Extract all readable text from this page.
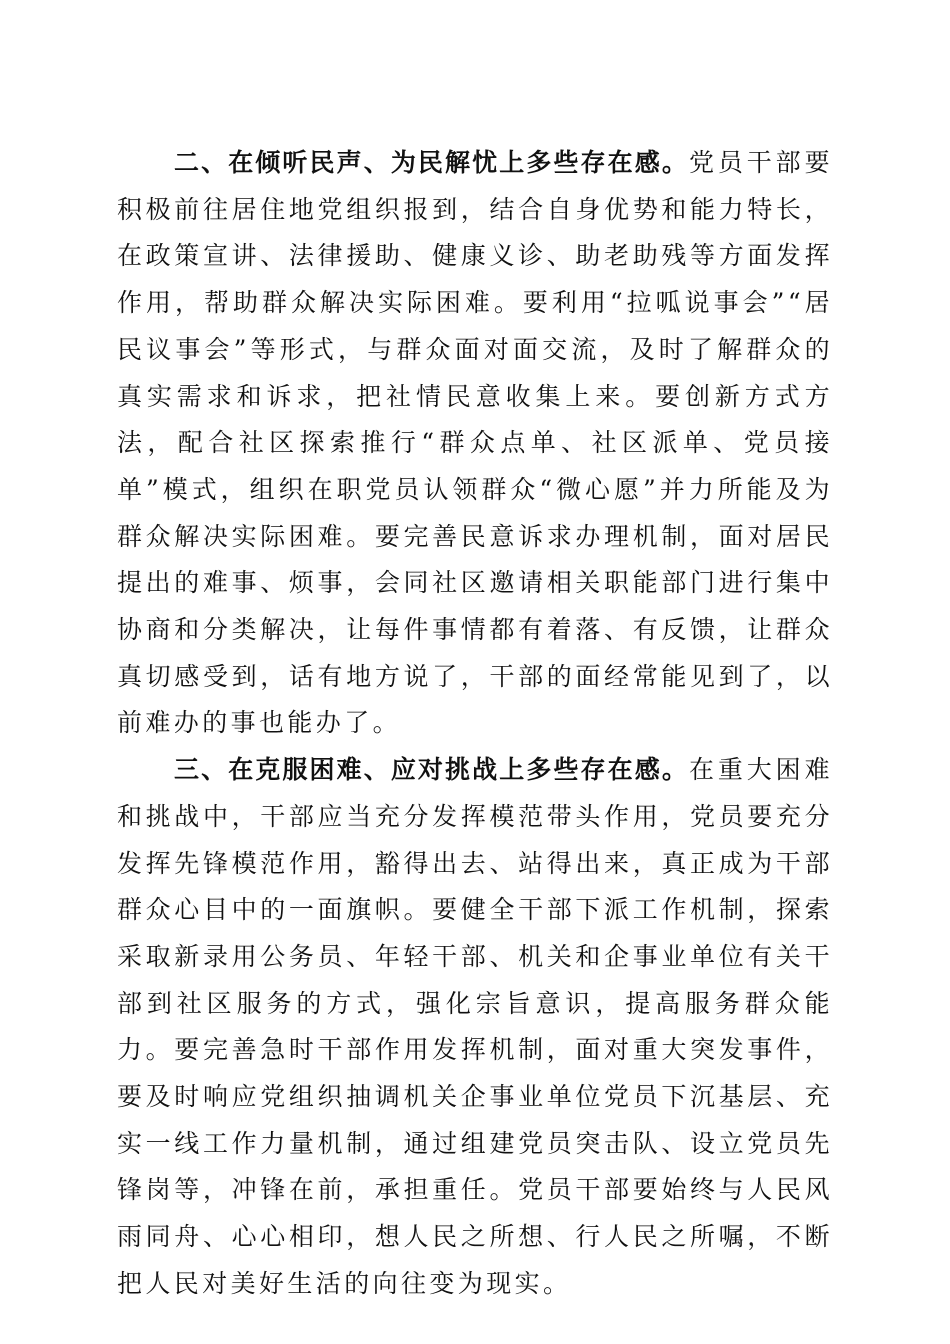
二、在倾听民声、为民解忧上多些存在感。党员干部要积极前往居住地党组织报到，结合自身优势和能力特长，在政策宣讲、法律援助、健康义诊、助老助残等方面发挥作用，帮助群众解决实际困难。要利用“拉呱说事会”“居民议事会”等形式，与群众面对面交流，及时了解群众的真实需求和诉求，把社情民意收集上来。要创新方式方法，配合社区探索推行“群众点单、社区派单、党员接单”模式，组织在职党员认领群众“微心愿”并力所能及为群众解决实际困难。要完善民意诉求办理机制，面对居民提出的难事、烦事，会同社区邀请相关职能部门进行集中协商和分类解决，让每件事情都有着落、有反馈，让群众真切感受到，话有地方说了，干部的面经常能见到了，以前难办的事也能办了。

三、在克服困难、应对挑战上多些存在感。在重大困难和挑战中，干部应当充分发挥模范带头作用，党员要充分发挥先锋模范作用，豁得出去、站得出来，真正成为干部群众心目中的一面旗帜。要健全干部下派工作机制，探索采取新录用公务员、年轻干部、机关和企事业单位有关干部到社区服务的方式，强化宗旨意识，提高服务群众能力。要完善急时干部作用发挥机制，面对重大突发事件，要及时响应党组织抽调机关企事业单位党员下沉基层、充实一线工作力量机制，通过组建党员突击队、设立党员先锋岗等，冲锋在前，承担重任。党员干部要始终与人民风雨同舟、心心相印，想人民之所想、行人民之所嘱，不断把人民对美好生活的向往变为现实。
